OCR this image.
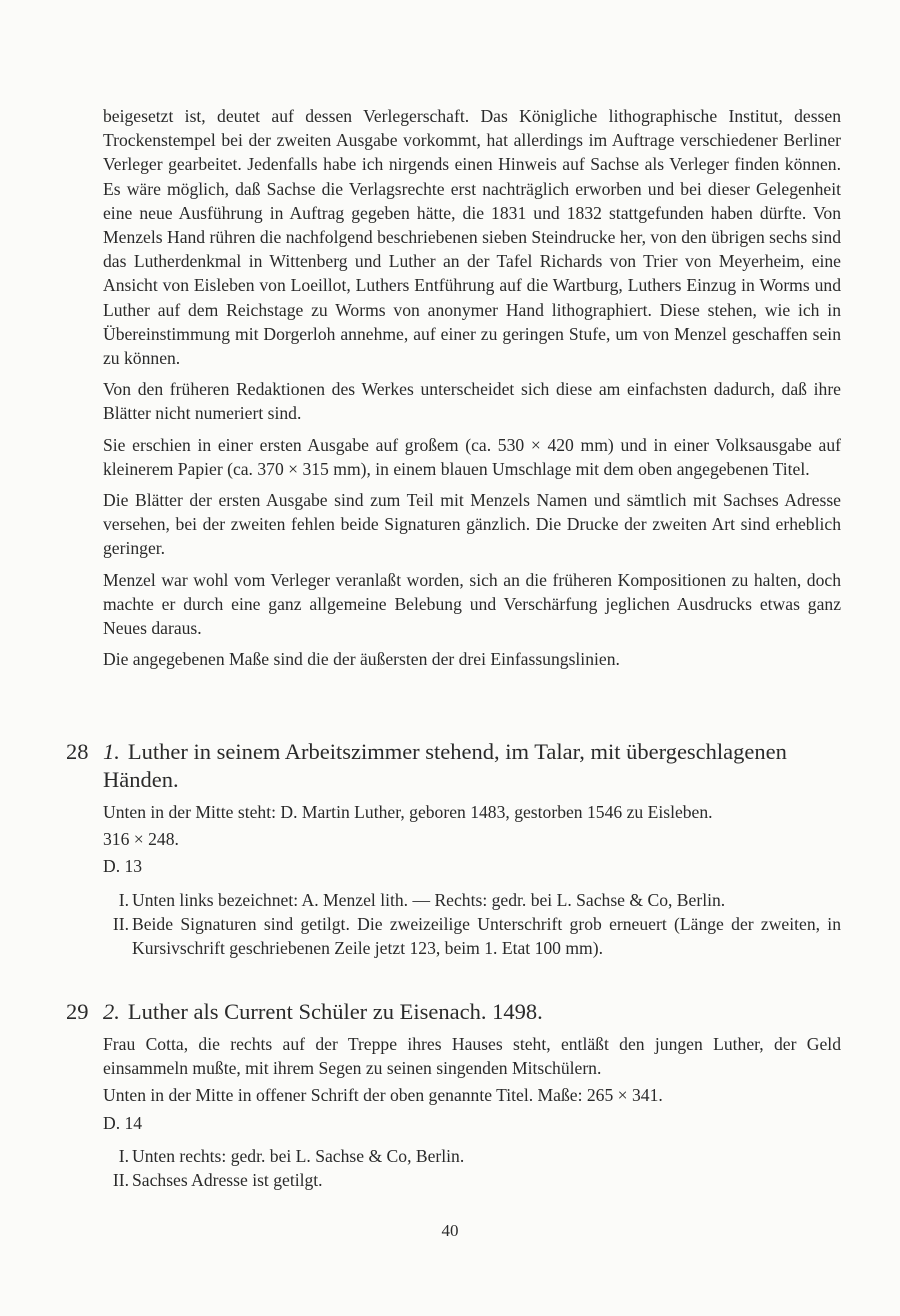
beigesetzt ist, deutet auf dessen Verlegerschaft. Das Königliche lithographische Institut, dessen Trockenstempel bei der zweiten Ausgabe vorkommt, hat allerdings im Auftrage verschiedener Berliner Verleger gearbeitet. Jedenfalls habe ich nirgends einen Hinweis auf Sachse als Verleger finden können. Es wäre möglich, daß Sachse die Verlagsrechte erst nachträglich erworben und bei dieser Gelegenheit eine neue Ausführung in Auftrag gegeben hätte, die 1831 und 1832 stattgefunden haben dürfte. Von Menzels Hand rühren die nachfolgend beschriebenen sieben Steindrucke her, von den übrigen sechs sind das Lutherdenkmal in Wittenberg und Luther an der Tafel Richards von Trier von Meyerheim, eine Ansicht von Eisleben von Loeillot, Luthers Entführung auf die Wartburg, Luthers Einzug in Worms und Luther auf dem Reichstage zu Worms von anonymer Hand lithographiert. Diese stehen, wie ich in Übereinstimmung mit Dorgerloh annehme, auf einer zu geringen Stufe, um von Menzel geschaffen sein zu können.

Von den früheren Redaktionen des Werkes unterscheidet sich diese am einfachsten dadurch, daß ihre Blätter nicht numeriert sind.

Sie erschien in einer ersten Ausgabe auf großem (ca. 530 × 420 mm) und in einer Volksausgabe auf kleinerem Papier (ca. 370 × 315 mm), in einem blauen Umschlage mit dem oben angegebenen Titel.

Die Blätter der ersten Ausgabe sind zum Teil mit Menzels Namen und sämtlich mit Sachses Adresse versehen, bei der zweiten fehlen beide Signaturen gänzlich. Die Drucke der zweiten Art sind erheblich geringer.

Menzel war wohl vom Verleger veranlaßt worden, sich an die früheren Kompositionen zu halten, doch machte er durch eine ganz allgemeine Belebung und Verschärfung jeglichen Ausdrucks etwas ganz Neues daraus.

Die angegebenen Maße sind die der äußersten der drei Einfassungslinien.

28 1. Luther in seinem Arbeitszimmer stehend, im Talar, mit übergeschlagenen Händen.

Unten in der Mitte steht: D. Martin Luther, geboren 1483, gestorben 1546 zu Eisleben.

316 × 248.

D. 13

I. Unten links bezeichnet: A. Menzel lith. — Rechts: gedr. bei L. Sachse & Co, Berlin.
II. Beide Signaturen sind getilgt. Die zweizeilige Unterschrift grob erneuert (Länge der zweiten, in Kursivschrift geschriebenen Zeile jetzt 123, beim 1. Etat 100 mm).
29 2. Luther als Current Schüler zu Eisenach. 1498.

Frau Cotta, die rechts auf der Treppe ihres Hauses steht, entläßt den jungen Luther, der Geld einsammeln mußte, mit ihrem Segen zu seinen singenden Mitschülern.

Unten in der Mitte in offener Schrift der oben genannte Titel. Maße: 265 × 341.

D. 14

I. Unten rechts: gedr. bei L. Sachse & Co, Berlin.
II. Sachses Adresse ist getilgt.
40
